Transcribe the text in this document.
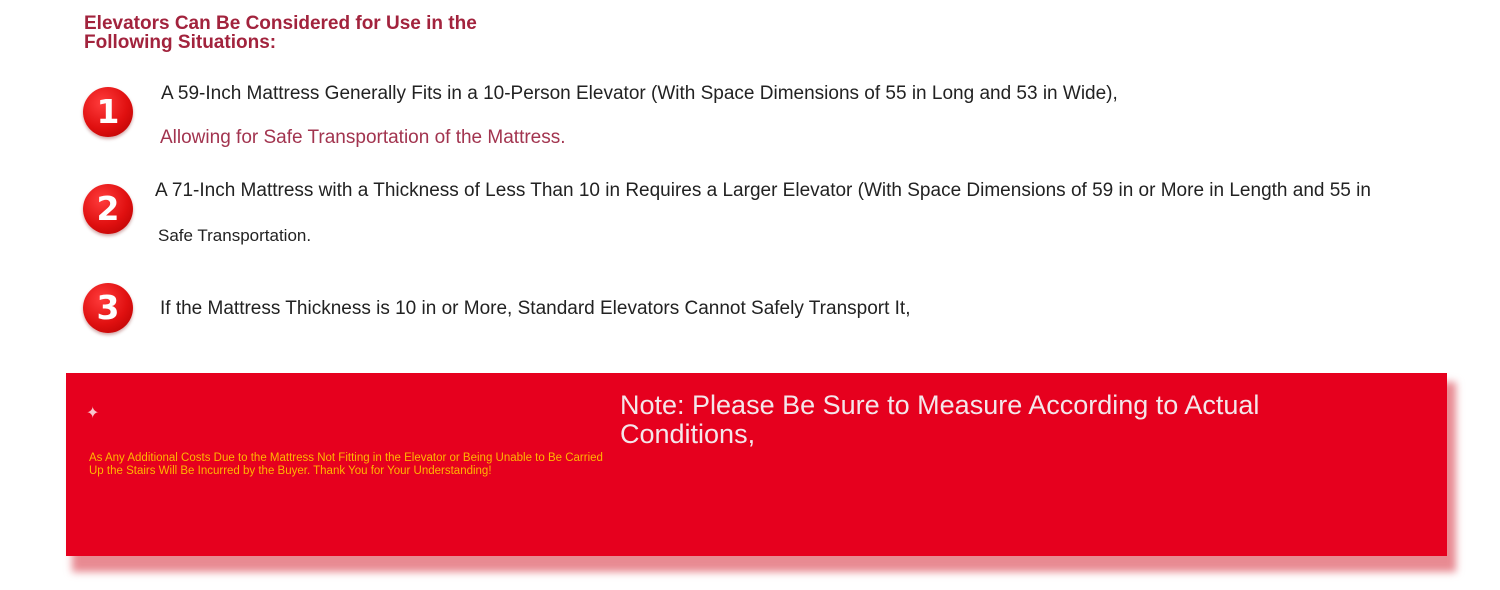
Elevators Can Be Considered for Use in the Following Situations:
1	A 59-Inch Mattress Generally Fits in a 10-Person Elevator (With Space Dimensions of 55 in Long and 53 in Wide),
Allowing for Safe Transportation of the Mattress.
2	A 71-Inch Mattress with a Thickness of Less Than 10 in Requires a Larger Elevator (With Space Dimensions of 59 in or More in Length and 55 in
Safe Transportation.
3	If the Mattress Thickness is 10 in or More, Standard Elevators Cannot Safely Transport It,
✦
As Any Additional Costs Due to the Mattress Not Fitting in the Elevator or Being Unable to Be Carried Up the Stairs Will Be Incurred by the Buyer. Thank You for Your Understanding!
Note: Please Be Sure to Measure According to Actual Conditions,
